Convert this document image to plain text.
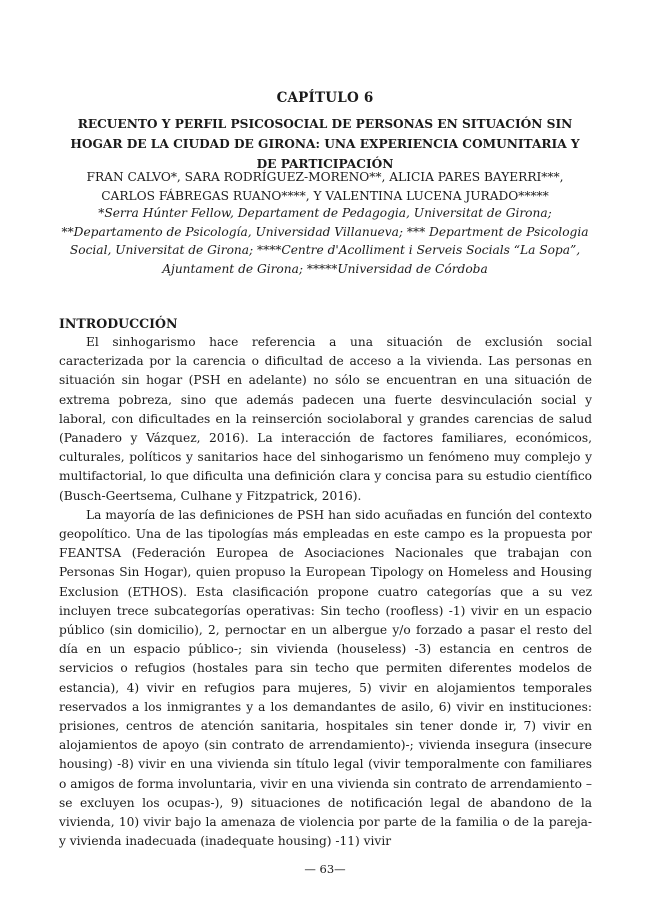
CAPÍTULO 6
RECUENTO Y PERFIL PSICOSOCIAL DE PERSONAS EN SITUACIÓN SIN HOGAR DE LA CIUDAD DE GIRONA: UNA EXPERIENCIA COMUNITARIA Y DE PARTICIPACIÓN
FRAN CALVO*, SARA RODRÍGUEZ-MORENO**, ALICIA PARES BAYERRI***, CARLOS FÁBREGAS RUANO****, Y VALENTINA LUCENA JURADO*****
*Serra Húnter Fellow, Departament de Pedagogia, Universitat de Girona; **Departamento de Psicología, Universidad Villanueva; *** Department de Psicologia Social, Universitat de Girona; ****Centre d'Acolliment i Serveis Socials “La Sopa”, Ajuntament de Girona; *****Universidad de Córdoba
INTRODUCCIÓN

El sinhogarismo hace referencia a una situación de exclusión social caracterizada por la carencia o dificultad de acceso a la vivienda. Las personas en situación sin hogar (PSH en adelante) no sólo se encuentran en una situación de extrema pobreza, sino que además padecen una fuerte desvinculación social y laboral, con dificultades en la reinserción sociolaboral y grandes carencias de salud (Panadero y Vázquez, 2016). La interacción de factores familiares, económicos, culturales, políticos y sanitarios hace del sinhogarismo un fenómeno muy complejo y multifactorial, lo que dificulta una definición clara y concisa para su estudio científico (Busch-Geertsema, Culhane y Fitzpatrick, 2016).

La mayoría de las definiciones de PSH han sido acuñadas en función del contexto geopolítico. Una de las tipologías más empleadas en este campo es la propuesta por FEANTSA (Federación Europea de Asociaciones Nacionales que trabajan con Personas Sin Hogar), quien propuso la European Tipology on Homeless and Housing Exclusion (ETHOS). Esta clasificación propone cuatro categorías que a su vez incluyen trece subcategorías operativas: Sin techo (roofless) -1) vivir en un espacio público (sin domicilio), 2, pernoctar en un albergue y/o forzado a pasar el resto del día en un espacio público-; sin vivienda (houseless) -3) estancia en centros de servicios o refugios (hostales para sin techo que permiten diferentes modelos de estancia), 4) vivir en refugios para mujeres, 5) vivir en alojamientos temporales reservados a los inmigrantes y a los demandantes de asilo, 6) vivir en instituciones: prisiones, centros de atención sanitaria, hospitales sin tener donde ir, 7) vivir en alojamientos de apoyo (sin contrato de arrendamiento)-; vivienda insegura (insecure housing) -8) vivir en una vivienda sin título legal (vivir temporalmente con familiares o amigos de forma involuntaria, vivir en una vivienda sin contrato de arrendamiento –se excluyen los ocupas-), 9) situaciones de notificación legal de abandono de la vivienda, 10) vivir bajo la amenaza de violencia por parte de la familia o de la pareja- y vivienda inadecuada (inadequate housing) -11) vivir

— 63—
